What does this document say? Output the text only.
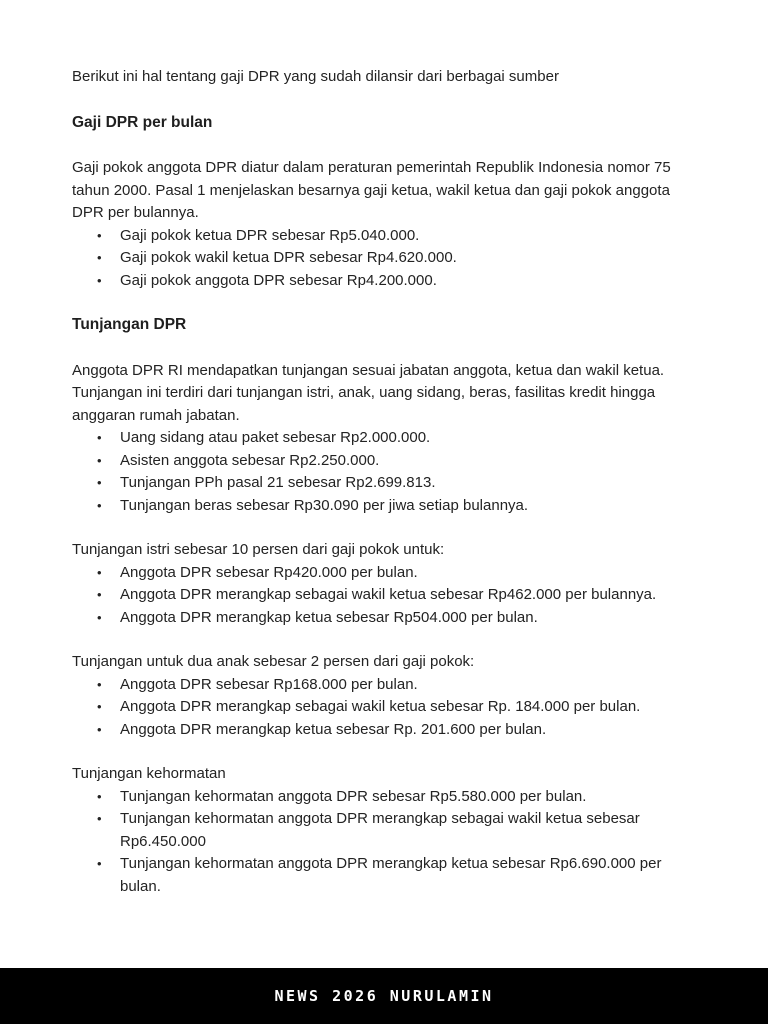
Berikut ini hal tentang gaji DPR yang sudah dilansir dari berbagai sumber

Gaji DPR per bulan

Gaji pokok anggota DPR diatur dalam peraturan pemerintah Republik Indonesia nomor 75 tahun 2000. Pasal 1 menjelaskan besarnya gaji ketua, wakil ketua dan gaji pokok anggota DPR per bulannya.

• Gaji pokok ketua DPR sebesar Rp5.040.000.
• Gaji pokok wakil ketua DPR sebesar Rp4.620.000.
• Gaji pokok anggota DPR sebesar Rp4.200.000.
Tunjangan DPR

Anggota DPR RI mendapatkan tunjangan sesuai jabatan anggota, ketua dan wakil ketua. Tunjangan ini terdiri dari tunjangan istri, anak, uang sidang, beras, fasilitas kredit hingga anggaran rumah jabatan.

• Uang sidang atau paket sebesar Rp2.000.000.
• Asisten anggota sebesar Rp2.250.000.
• Tunjangan PPh pasal 21 sebesar Rp2.699.813.
• Tunjangan beras sebesar Rp30.090 per jiwa setiap bulannya.

Tunjangan istri sebesar 10 persen dari gaji pokok untuk:

• Anggota DPR sebesar Rp420.000 per bulan.
• Anggota DPR merangkap sebagai wakil ketua sebesar Rp462.000 per bulannya.
• Anggota DPR merangkap ketua sebesar Rp504.000 per bulan.

Tunjangan untuk dua anak sebesar 2 persen dari gaji pokok:

• Anggota DPR sebesar Rp168.000 per bulan.
• Anggota DPR merangkap sebagai wakil ketua sebesar Rp. 184.000 per bulan.
• Anggota DPR merangkap ketua sebesar Rp. 201.600 per bulan.

Tunjangan kehormatan

• Tunjangan kehormatan anggota DPR sebesar Rp5.580.000 per bulan.
• Tunjangan kehormatan anggota DPR merangkap sebagai wakil ketua sebesar Rp6.450.000
• Tunjangan kehormatan anggota DPR merangkap ketua sebesar Rp6.690.000 per bulan.
NEWS 2026 NURULAMIN
